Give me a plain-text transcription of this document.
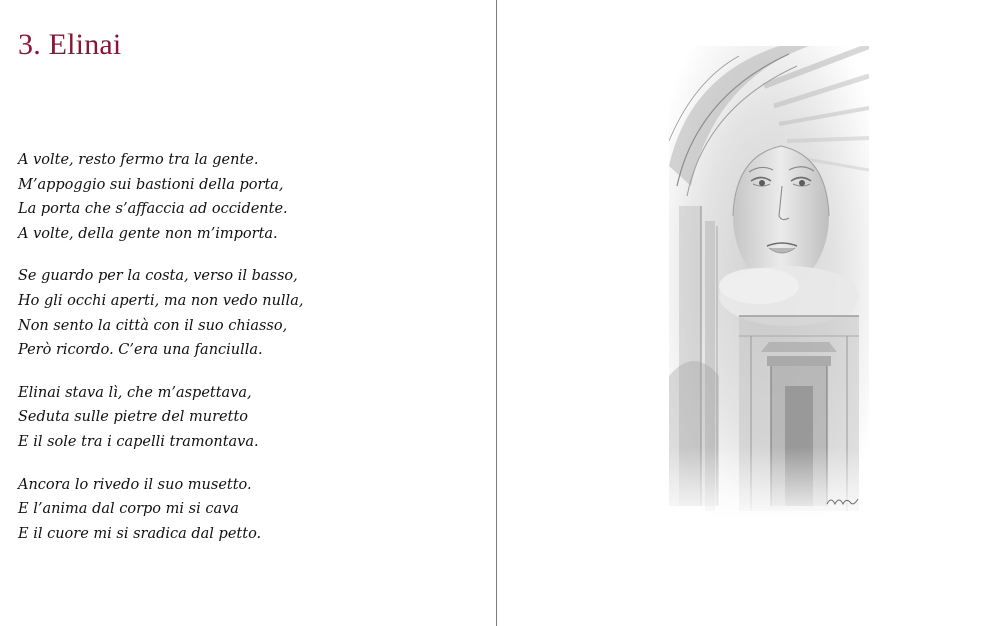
3. Elinai
A volte, resto fermo tra la gente.
M’appoggio sui bastioni della porta,
La porta che s’affaccia ad occidente.
A volte, della gente non m’importa.
Se guardo per la costa, verso il basso,
Ho gli occhi aperti, ma non vedo nulla,
Non sento la città con il suo chiasso,
Però ricordo. C’era una fanciulla.
Elinai stava lì, che m’aspettava,
Seduta sulle pietre del muretto
E il sole tra i capelli tramontava.
Ancora lo rivedo il suo musetto.
E l’anima dal corpo mi si cava
E il cuore mi si sradica dal petto.
